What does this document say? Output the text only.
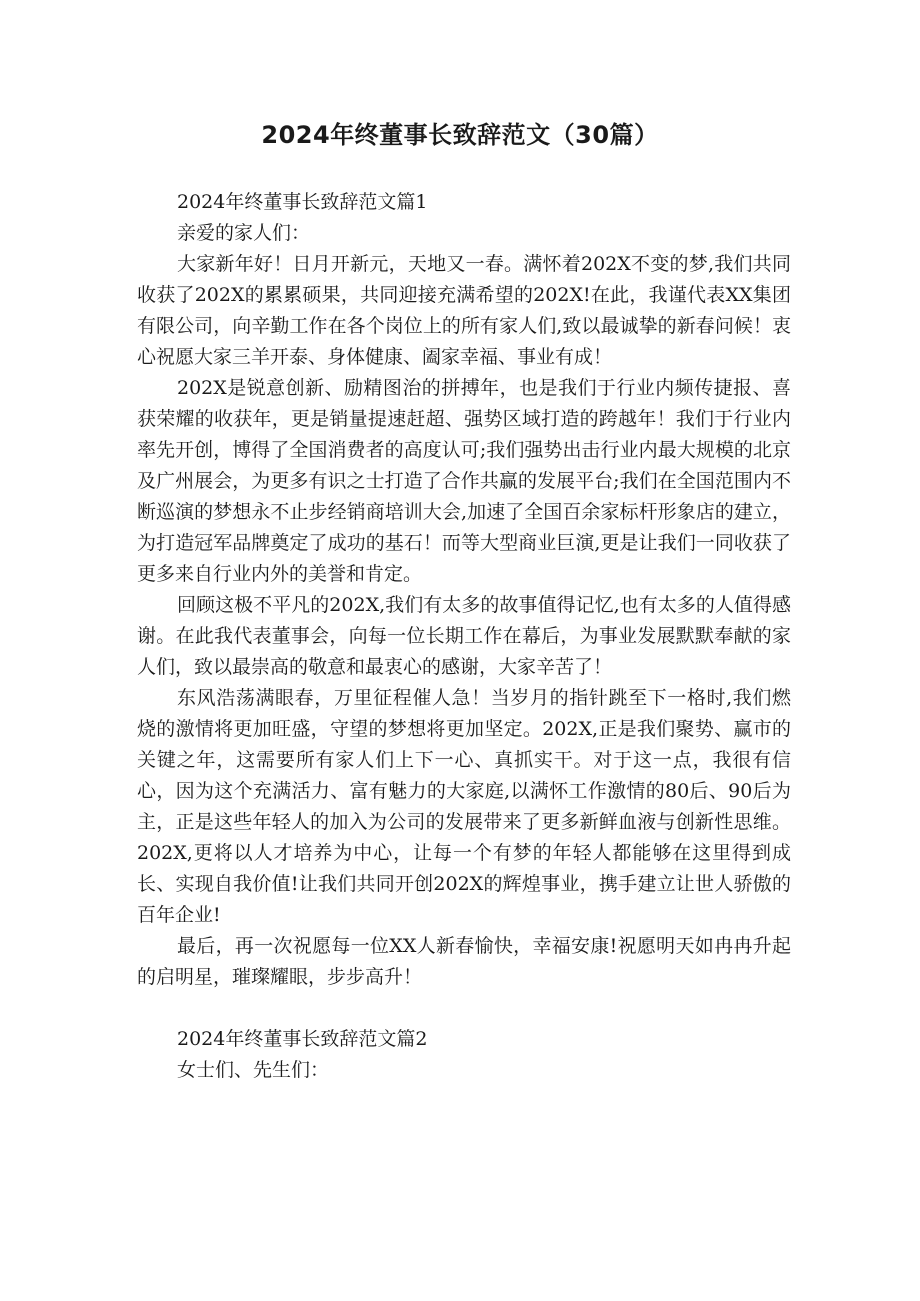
2024年终董事长致辞范文（30篇）

2024年终董事长致辞范文篇1

亲爱的家人们：

大家新年好！日月开新元，天地又一春。满怀着202X不变的梦,我们共同收获了202X的累累硕果，共同迎接充满希望的202X!在此，我谨代表XX集团有限公司，向辛勤工作在各个岗位上的所有家人们,致以最诚挚的新春问候！衷心祝愿大家三羊开泰、身体健康、阖家幸福、事业有成！

202X是锐意创新、励精图治的拼搏年，也是我们于行业内频传捷报、喜获荣耀的收获年，更是销量提速赶超、强势区域打造的跨越年！我们于行业内率先开创，博得了全国消费者的高度认可;我们强势出击行业内最大规模的北京及广州展会，为更多有识之士打造了合作共赢的发展平台;我们在全国范围内不断巡演的梦想永不止步经销商培训大会,加速了全国百余家标杆形象店的建立，为打造冠军品牌奠定了成功的基石！而等大型商业巨演,更是让我们一同收获了更多来自行业内外的美誉和肯定。

回顾这极不平凡的202X,我们有太多的故事值得记忆,也有太多的人值得感谢。在此我代表董事会，向每一位长期工作在幕后，为事业发展默默奉献的家人们，致以最崇高的敬意和最衷心的感谢，大家辛苦了！

东风浩荡满眼春，万里征程催人急！当岁月的指针跳至下一格时,我们燃烧的激情将更加旺盛，守望的梦想将更加坚定。202X,正是我们聚势、赢市的关键之年，这需要所有家人们上下一心、真抓实干。对于这一点，我很有信心，因为这个充满活力、富有魅力的大家庭,以满怀工作激情的80后、90后为主，正是这些年轻人的加入为公司的发展带来了更多新鲜血液与创新性思维。202X,更将以人才培养为中心，让每一个有梦的年轻人都能够在这里得到成长、实现自我价值!让我们共同开创202X的辉煌事业，携手建立让世人骄傲的百年企业!

最后，再一次祝愿每一位XX人新春愉快，幸福安康!祝愿明天如冉冉升起的启明星，璀璨耀眼，步步高升！

2024年终董事长致辞范文篇2

女士们、先生们：
